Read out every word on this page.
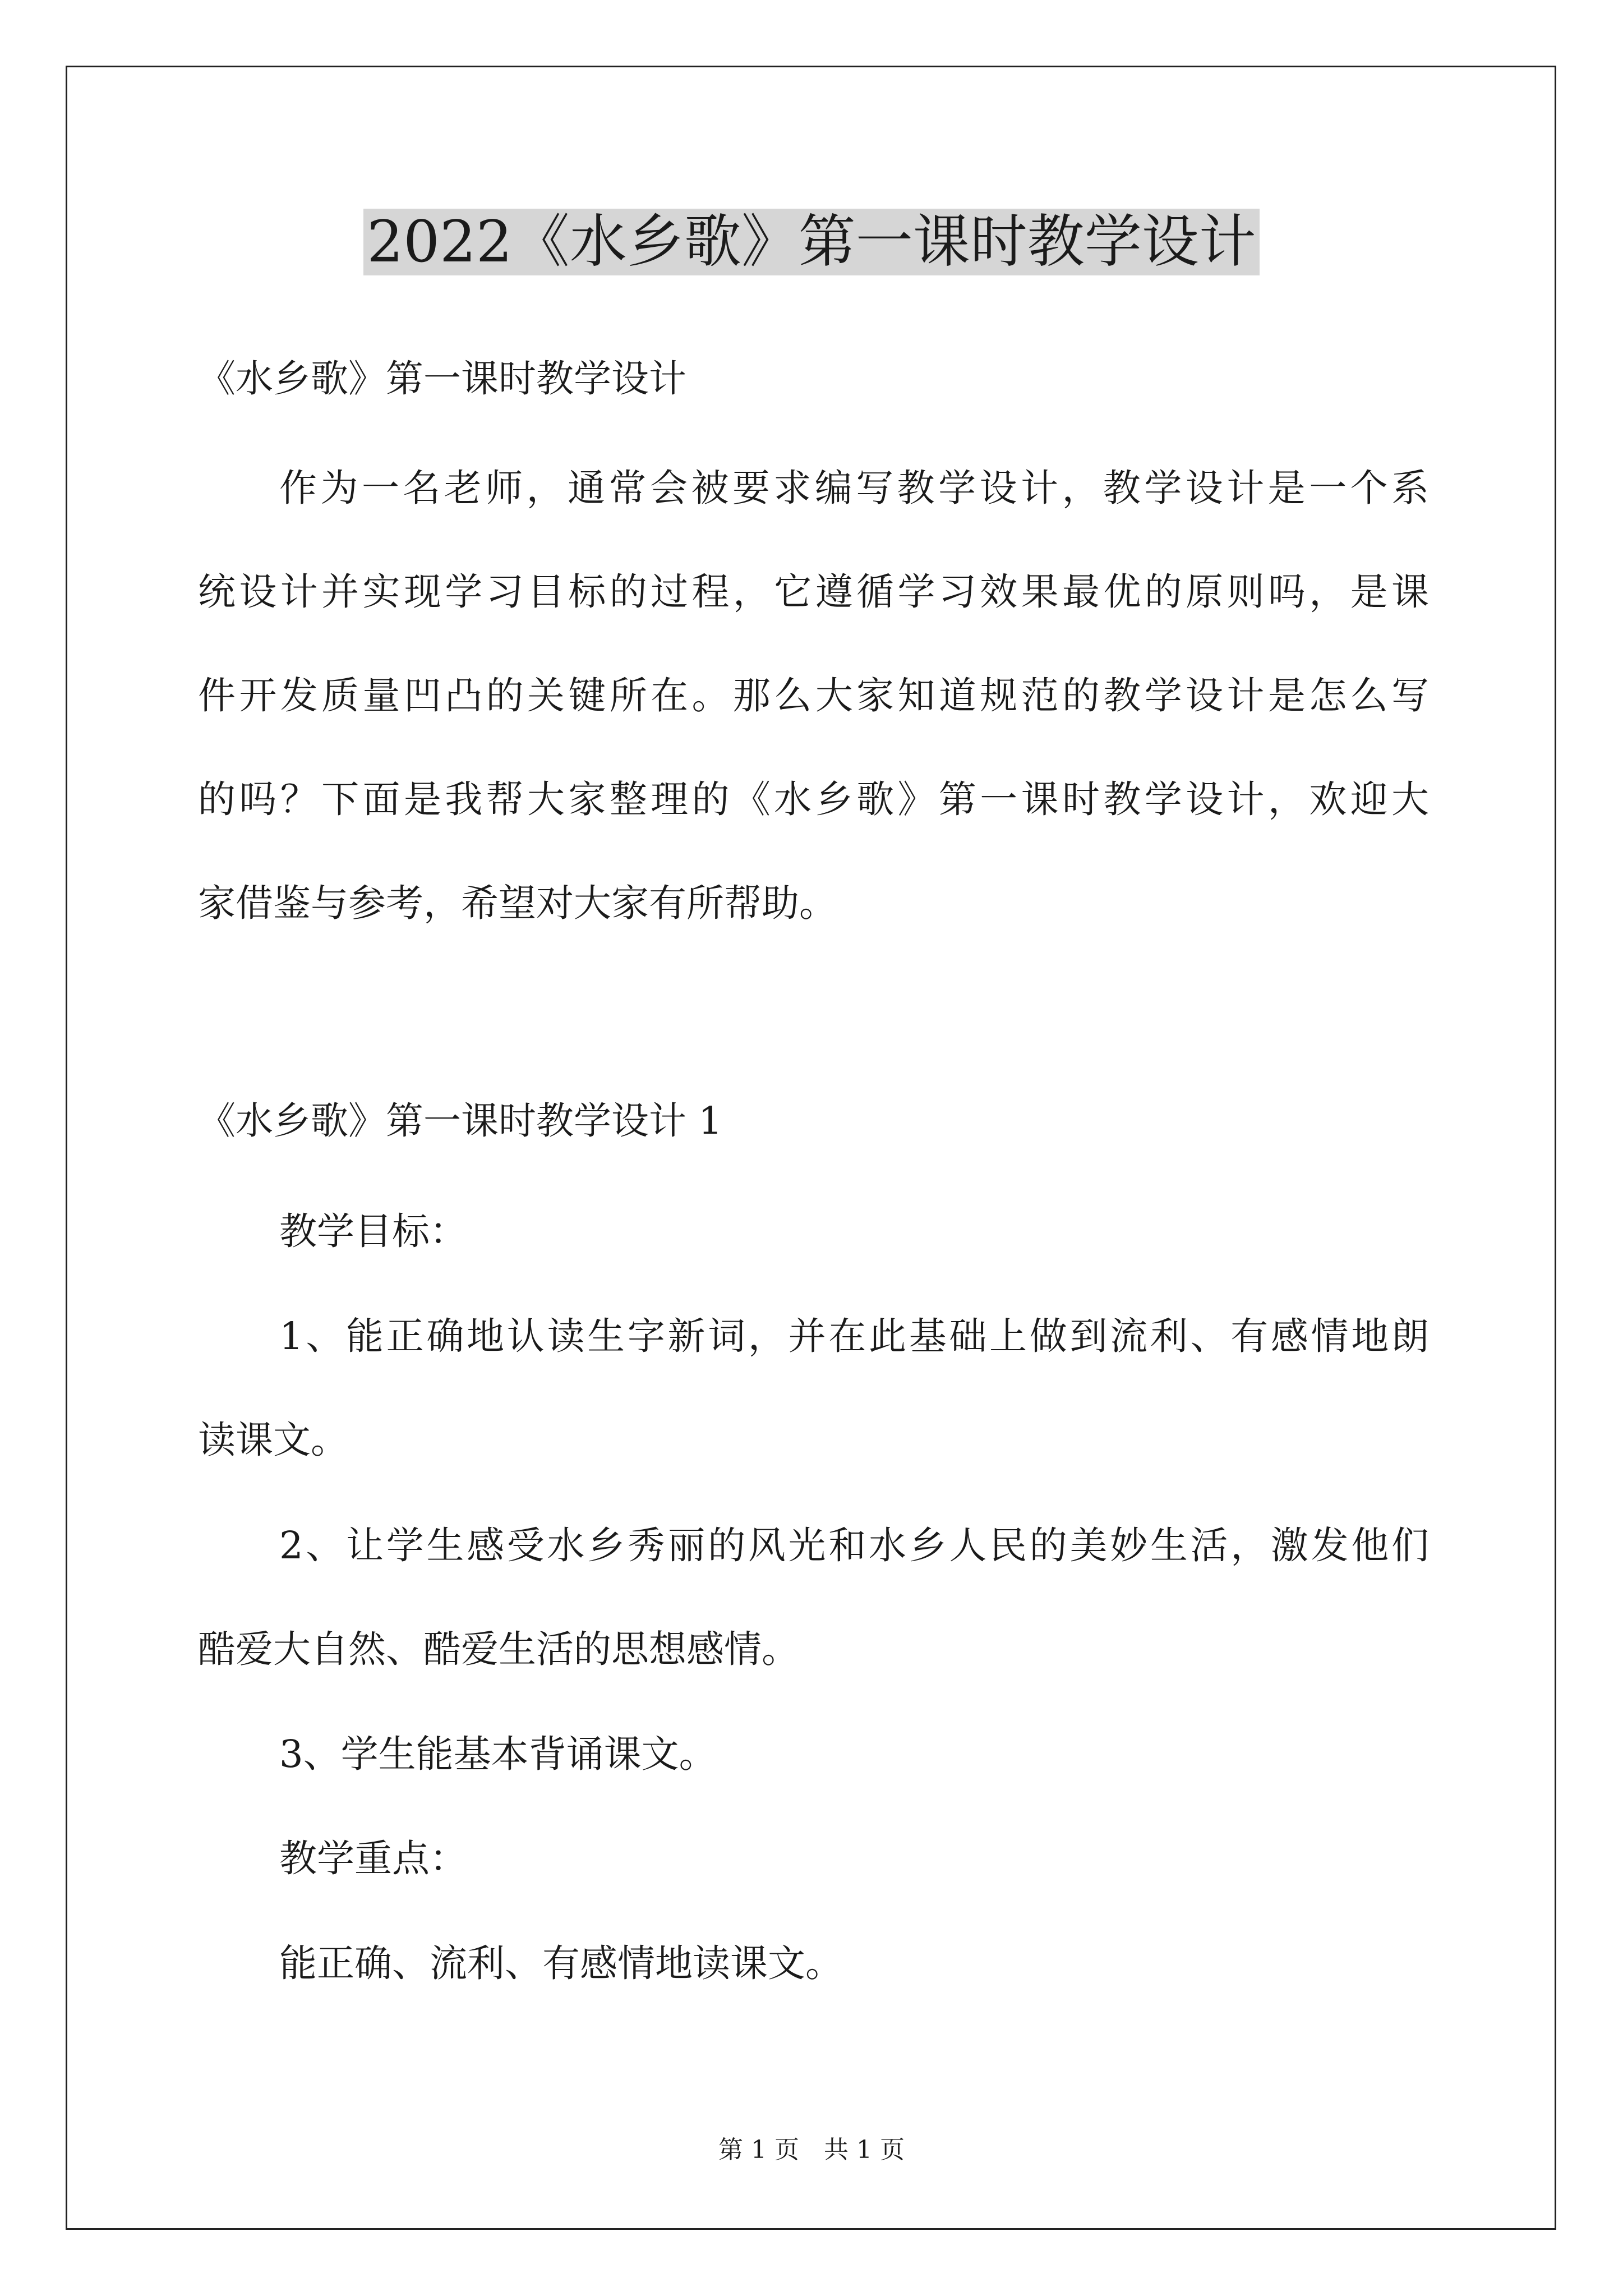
2022《水乡歌》第一课时教学设计
《水乡歌》第一课时教学设计
作为一名老师，通常会被要求编写教学设计，教学设计是一个系
统设计并实现学习目标的过程，它遵循学习效果最优的原则吗，是课
件开发质量凹凸的关键所在。那么大家知道规范的教学设计是怎么写
的吗？下面是我帮大家整理的《水乡歌》第一课时教学设计，欢迎大
家借鉴与参考，希望对大家有所帮助。
《水乡歌》第一课时教学设计 1
教学目标：
1、能正确地认读生字新词，并在此基础上做到流利、有感情地朗
读课文。
2、让学生感受水乡秀丽的风光和水乡人民的美妙生活，激发他们
酷爱大自然、酷爱生活的思想感情。
3、学生能基本背诵课文。
教学重点：
能正确、流利、有感情地读课文。
第 1 页　共 1 页
